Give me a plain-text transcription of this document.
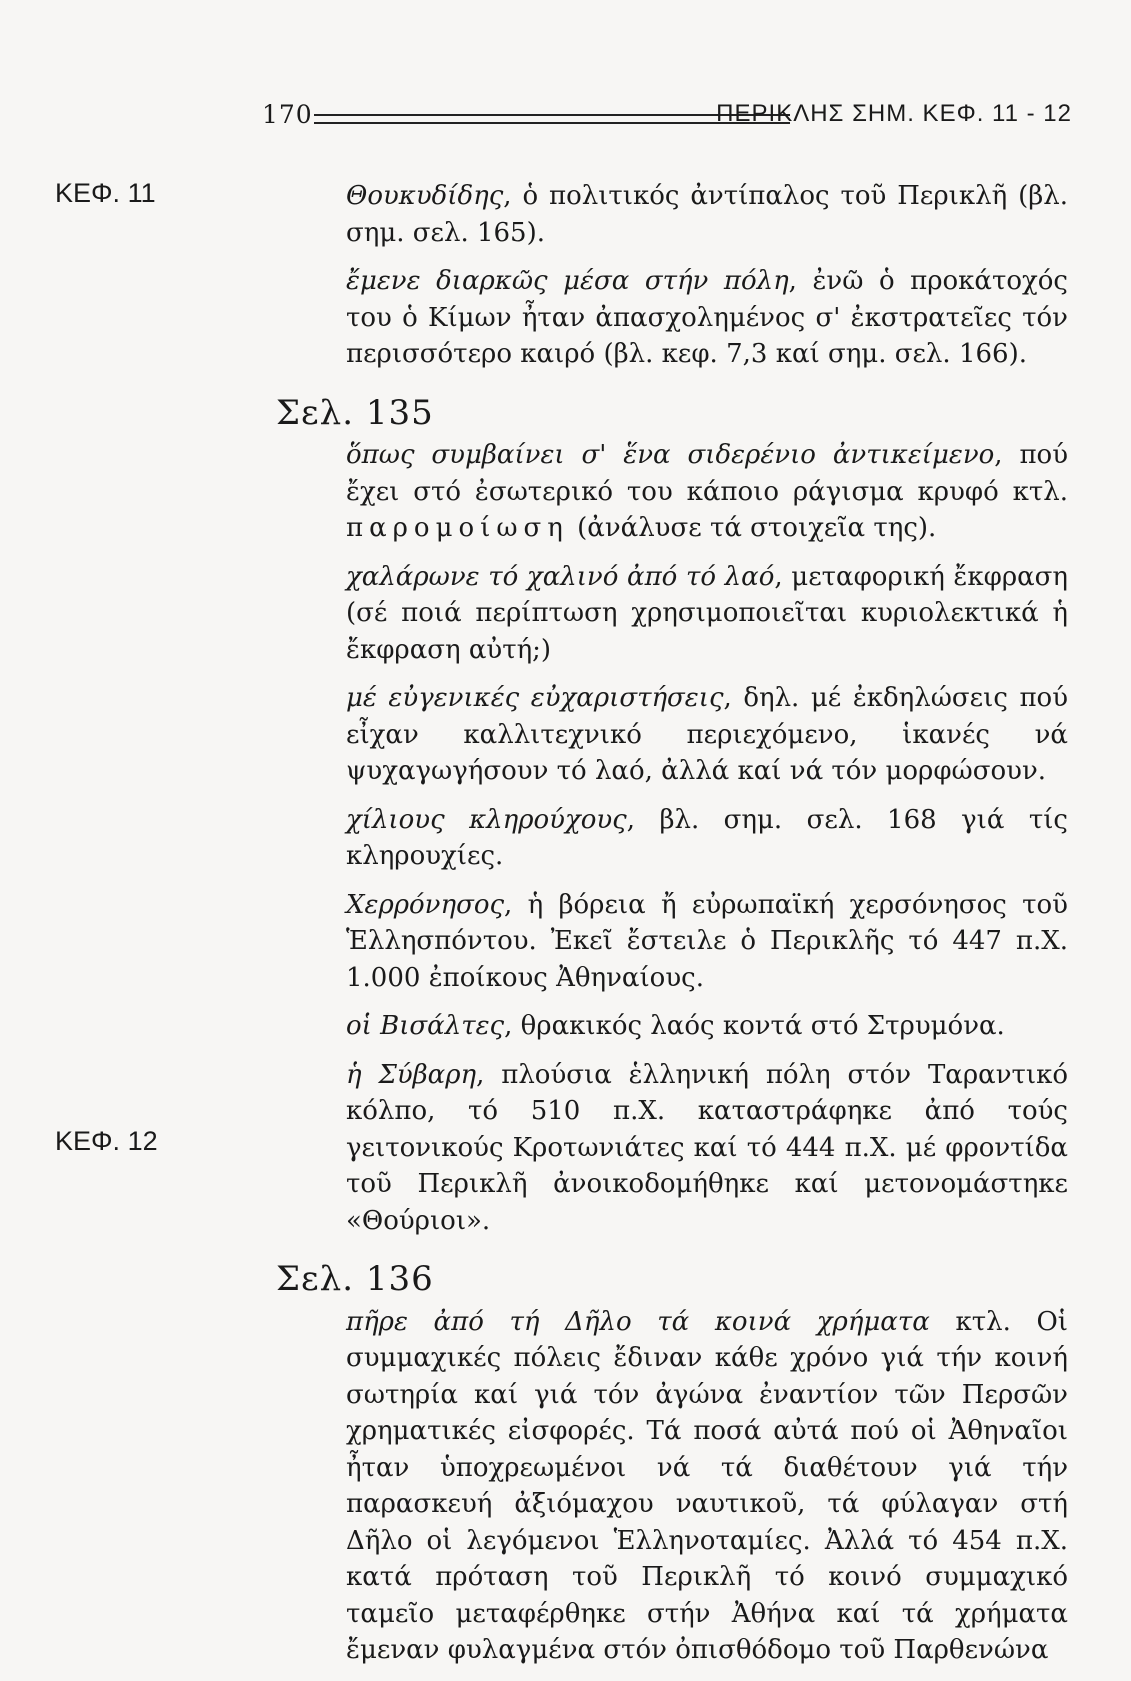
170	ΠΕΡΙΚΛΗΣ ΣΗΜ. ΚΕΦ. 11 - 12
ΚΕΦ. 11
ΚΕΦ. 12

Θουκυδίδης, ὁ πολιτικός ἀντίπαλος τοῦ Περικλῆ (βλ. σημ. σελ. 165).

ἔμενε διαρκῶς μέσα στήν πόλη, ἐνῶ ὁ προκάτοχός του ὁ Κίμων ἦταν ἀπασχολημένος σ' ἐκστρατεῖες τόν περισσότερο καιρό (βλ. κεφ. 7,3 καί σημ. σελ. 166).

Σελ. 135

ὅπως συμβαίνει σ' ἕνα σιδερένιο ἀντικείμενο, πού ἔχει στό ἐσωτερικό του κάποιο ράγισμα κρυφό κτλ. παρομοίωση (ἀνάλυσε τά στοιχεῖα της).

χαλάρωνε τό χαλινό ἀπό τό λαό, μεταφορική ἔκφραση (σέ ποιά περίπτωση χρησιμοποιεῖται κυριολεκτικά ἡ ἔκφραση αὐτή;)

μέ εὐγενικές εὐχαριστήσεις, δηλ. μέ ἐκδηλώσεις πού εἶχαν καλλιτεχνικό περιεχόμενο, ἱκανές νά ψυχαγωγήσουν τό λαό, ἀλλά καί νά τόν μορφώσουν.

χίλιους κληρούχους, βλ. σημ. σελ. 168 γιά τίς κληρουχίες.

Χερρόνησος, ἡ βόρεια ἤ εὐρωπαϊκή χερσόνησος τοῦ Ἑλλησπόντου. Ἐκεῖ ἔστειλε ὁ Περικλῆς τό 447 π.Χ. 1.000 ἐποίκους Ἀθηναίους.

οἱ Βισάλτες, θρακικός λαός κοντά στό Στρυμόνα.

ἡ Σύβαρη, πλούσια ἑλληνική πόλη στόν Ταραντικό κόλπο, τό 510 π.Χ. καταστράφηκε ἀπό τούς γειτονικούς Κροτωνιάτες καί τό 444 π.Χ. μέ φροντίδα τοῦ Περικλῆ ἀνοικοδομήθηκε καί μετονομάστηκε «Θούριοι».

Σελ. 136

πῆρε ἀπό τή Δῆλο τά κοινά χρήματα κτλ. Οἱ συμμαχικές πόλεις ἔδιναν κάθε χρόνο γιά τήν κοινή σωτηρία καί γιά τόν ἀγώνα ἐναντίον τῶν Περσῶν χρηματικές εἰσφορές. Τά ποσά αὐτά πού οἱ Ἀθηναῖοι ἦταν ὑποχρεωμένοι νά τά διαθέτουν γιά τήν παρασκευή ἀξιόμαχου ναυτικοῦ, τά φύλαγαν στή Δῆλο οἱ λεγόμενοι Ἑλληνοταμίες. Ἀλλά τό 454 π.Χ. κατά πρόταση τοῦ Περικλῆ τό κοινό συμμαχικό ταμεῖο μεταφέρθηκε στήν Ἀθήνα καί τά χρήματα ἔμεναν φυλαγμένα στόν ὀπισθόδομο τοῦ Παρθενώνα
